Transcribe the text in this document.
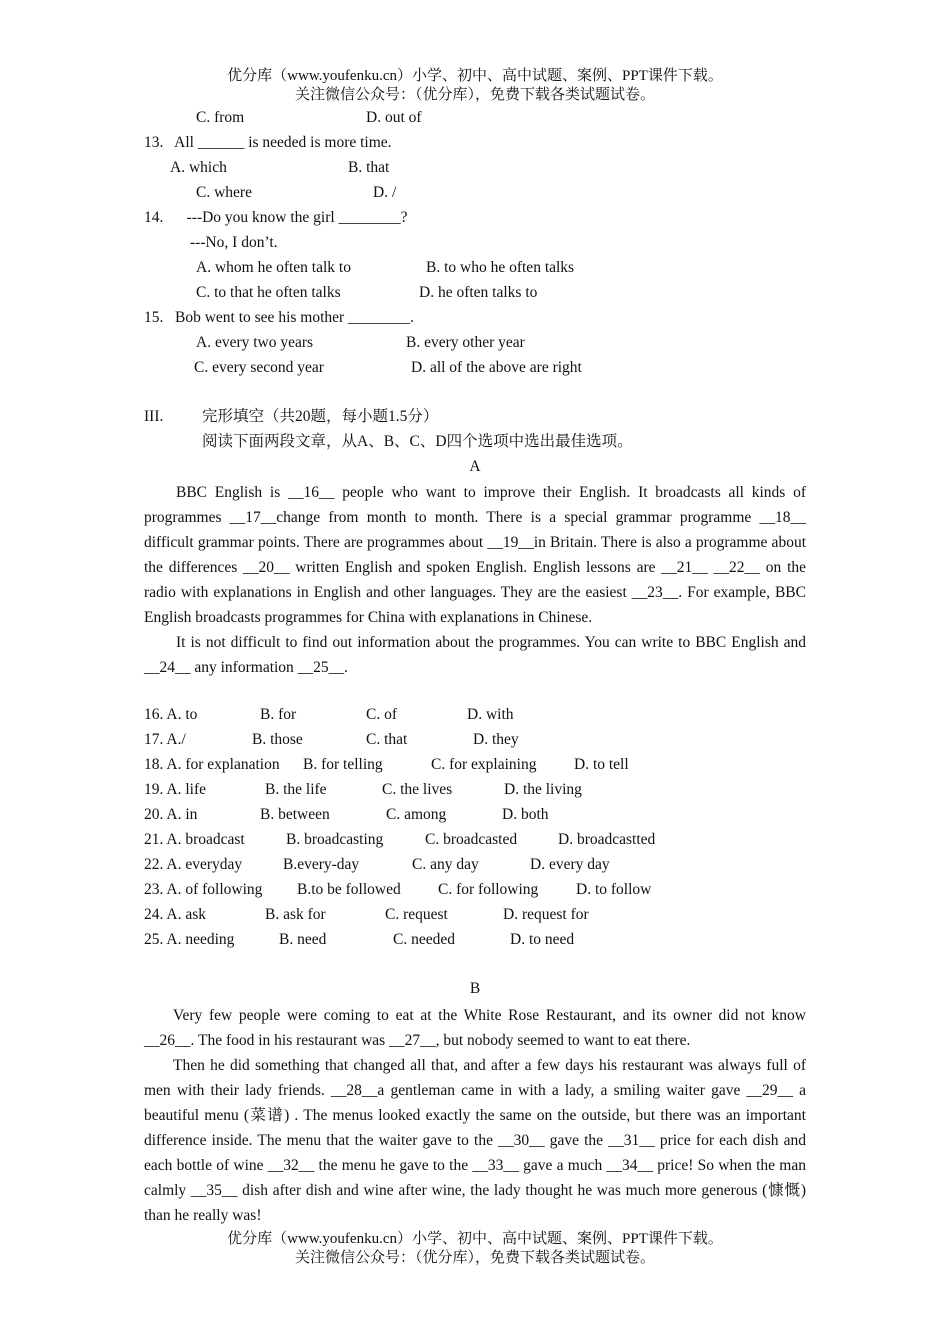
优分库（www.youfenku.cn）小学、初中、高中试题、案例、PPT课件下载。
关注微信公众号：（优分库），免费下载各类试题试卷。
C. from	D. out of
13.   All ______ is needed is more time.
A. which	B. that
C. where	D. /
14.      ---Do you know the girl ________?
---No, I don’t.
A. whom he often talk to	B. to who he often talks
C. to that he often talks	D. he often talks to
15.   Bob went to see his mother ________.
A. every two years	B. every other year
C. every second year	D. all of the above are right
III. 完形填空（共20题，每小题1.5分）
阅读下面两段文章，从A、B、C、D四个选项中选出最佳选项。
A

BBC English is __16__ people who want to improve their English. It broadcasts all kinds of programmes __17__change from month to month. There is a special grammar programme __18__ difficult grammar points. There are programmes about __19__in Britain. There is also a programme about the differences __20__ written English and spoken English. English lessons are __21__ __22__ on the radio with explanations in English and other languages. They are the easiest __23__. For example, BBC English broadcasts programmes for China with explanations in Chinese.

It is not difficult to find out information about the programmes. You can write to BBC English and __24__ any information __25__.

16. A. to	B. for	C. of	D. with
17. A./	B. those	C. that	D. they
18. A. for explanation B. for telling	C. for explaining D. to tell
19. A. life	B. the life	C. the lives	D. the living
20. A. in	B. between	C. among	D. both
21. A. broadcast	B. broadcasting	C. broadcasted	D. broadcastted
22. A. everyday	B.every-day	C. any day	D. every day
23. A. of following B.to be followed C. for following D. to follow
24. A. ask	B. ask for	C. request	D. request for
25. A. needing	B. need	C. needed	D. to need
B

Very few people were coming to eat at the White Rose Restaurant, and its owner did not know __26__. The food in his restaurant was __27__, but nobody seemed to want to eat there.

Then he did something that changed all that, and after a few days his restaurant was always full of men with their lady friends. __28__a gentleman came in with a lady, a smiling waiter gave __29__ a beautiful menu (菜谱) . The menus looked exactly the same on the outside, but there was an important difference inside. The menu that the waiter gave to the __30__ gave the __31__ price for each dish and each bottle of wine __32__ the menu he gave to the __33__ gave a much __34__ price! So when the man calmly __35__ dish after dish and wine after wine, the lady thought he was much more generous (慷慨) than he really was!

优分库（www.youfenku.cn）小学、初中、高中试题、案例、PPT课件下载。
关注微信公众号：（优分库），免费下载各类试题试卷。
